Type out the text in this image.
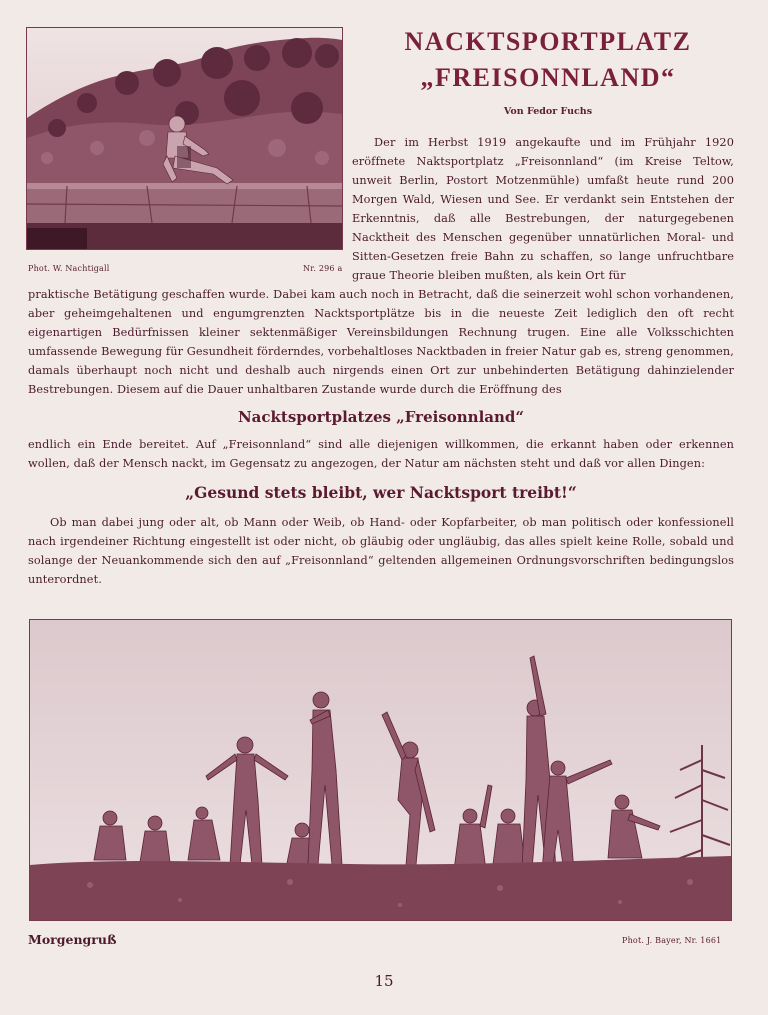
Phot. W. Nachtigall	Nr. 296 a
NACKTSPORTPLATZ
„FREISONNLAND“
Von Fedor Fuchs

Der im Herbst 1919 angekaufte und im Frühjahr 1920 eröffnete Naktsportplatz „Freisonnland“ (im Kreise Teltow, unweit Berlin, Postort Motzenmühle) umfaßt heute rund 200 Morgen Wald, Wiesen und See. Er verdankt sein Entstehen der Erkenntnis, daß alle Bestrebungen, der naturgegebenen Nacktheit des Menschen gegenüber unnatürlichen Moral- und Sitten-Gesetzen freie Bahn zu schaffen, so lange unfruchtbare graue Theorie bleiben mußten, als kein Ort für

praktische Betätigung geschaffen wurde. Dabei kam auch noch in Betracht, daß die seinerzeit wohl schon vorhandenen, aber geheimgehaltenen und engumgrenzten Nacktsportplätze bis in die neueste Zeit lediglich den oft recht eigenartigen Bedürfnissen kleiner sektenmäßiger Vereinsbildungen Rechnung trugen. Eine alle Volksschichten umfassende Bewegung für Gesundheit förderndes, vorbehaltloses Nacktbaden in freier Natur gab es, streng genommen, damals überhaupt noch nicht und deshalb auch nirgends einen Ort zur unbehinderten Betätigung dahinzielender Bestrebungen. Diesem auf die Dauer unhaltbaren Zustande wurde durch die Eröffnung des

Nacktsportplatzes „Freisonnland“

endlich ein Ende bereitet. Auf „Freisonnland“ sind alle diejenigen willkommen, die erkannt haben oder erkennen wollen, daß der Mensch nackt, im Gegensatz zu angezogen, der Natur am nächsten steht und daß vor allen Dingen:

„Gesund stets bleibt, wer Nacktsport treibt!“

Ob man dabei jung oder alt, ob Mann oder Weib, ob Hand- oder Kopfarbeiter, ob man politisch oder konfessionell nach irgendeiner Richtung eingestellt ist oder nicht, ob gläubig oder ungläubig, das alles spielt keine Rolle, sobald und solange der Neuankommende sich den auf „Freisonnland“ geltenden allgemeinen Ordnungsvorschriften bedingungslos unterordnet.

Morgengruß	Phot. J. Bayer, Nr. 1661
15
